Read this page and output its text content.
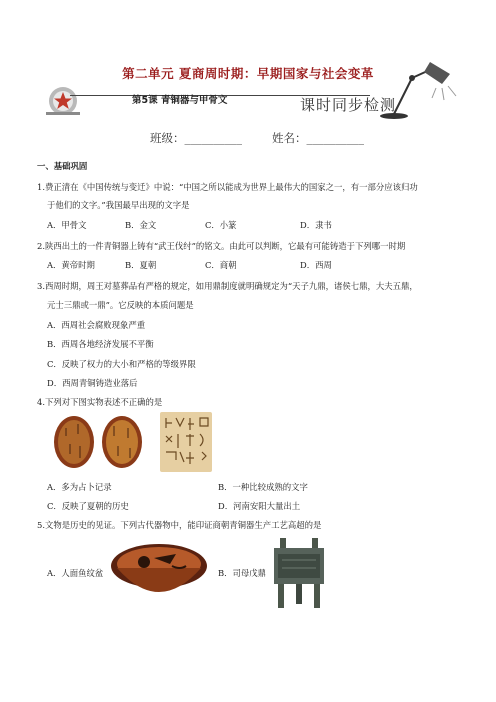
第二单元 夏商周时期：早期国家与社会变革
第5课 青铜器与甲骨文	课时同步检测
班级：__________	姓名：__________
一、基础巩固
1.费正清在《中国传统与变迁》中说：“中国之所以能成为世界上最伟大的国家之一，有一部分应该归功
于他们的文字。”我国最早出现的文字是
A．甲骨文	B．金文	C．小篆	D．隶书
2.陕西出土的一件青铜器上铸有“武王伐纣”的铭文。由此可以判断，它最有可能铸造于下列哪一时期
A．黄帝时期	B．夏朝	C．商朝	D．西周
3.西周时期，周王对墓葬品有严格的规定，如用鼎制度就明确规定为“天子九鼎，诸侯七鼎，大夫五鼎，
元士三鼎或一鼎”。它反映的本质问题是
A．西周社会腐败现象严重
B．西周各地经济发展不平衡
C．反映了权力的大小和严格的等级界限
D．西周青铜铸造业落后
4.下列对下图实物表述不正确的是
A．多为占卜记录	B．一种比较成熟的文字
C．反映了夏朝的历史	D．河南安阳大量出土
5.文物是历史的见证。下列古代器物中，能印证商朝青铜器生产工艺高超的是
A．人面鱼纹盆	B．司母戊鼎
